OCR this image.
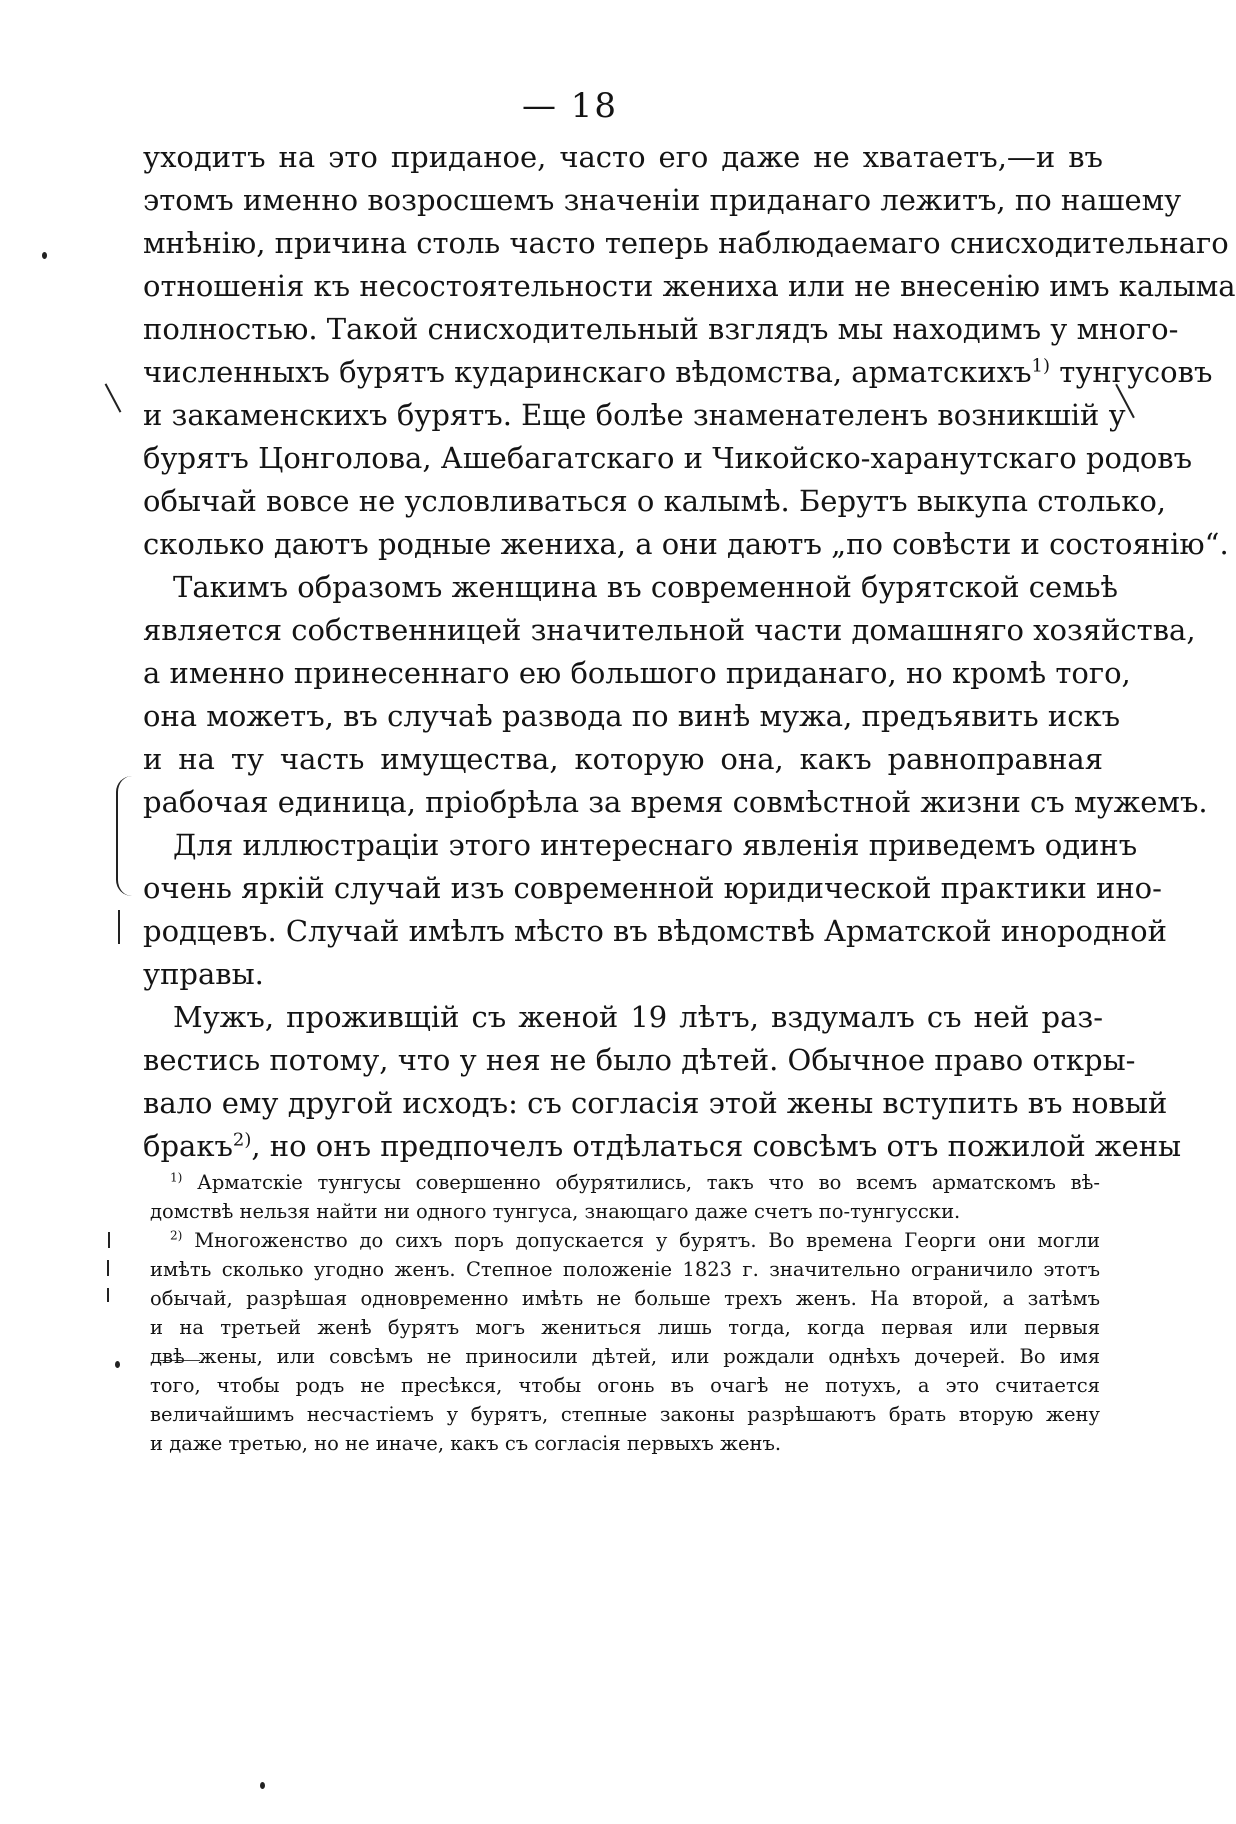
— 18
уходитъ на это приданое, часто его даже не хватаетъ,—и въ
этомъ именно возросшемъ значеніи приданаго лежитъ, по нашему
мнѣнію, причина столь часто теперь наблюдаемаго снисходительнаго
отношенія къ несостоятельности жениха или не внесенію имъ калыма
полностью. Такой снисходительный взглядъ мы находимъ у много-
численныхъ бурятъ кударинскаго вѣдомства, арматскихъ$^{1)}$ тунгусовъ
и закаменскихъ бурятъ. Еще болѣе знаменателенъ возникшій у
бурятъ Цонголова, Ашебагатскаго и Чикойско-харанутскаго родовъ
обычай вовсе не условливаться о калымѣ. Берутъ выкупа столько,
сколько даютъ родные жениха, а они даютъ „по совѣсти и состоянію“.
Такимъ образомъ женщина въ современной бурятской семьѣ
является собственницей значительной части домашняго хозяйства,
а именно принесеннаго ею большого приданаго, но кромѣ того,
она можетъ, въ случаѣ развода по винѣ мужа, предъявить искъ
и на ту часть имущества, которую она, какъ равноправная
рабочая единица, пріобрѣла за время совмѣстной жизни съ мужемъ.
Для иллюстраціи этого интереснаго явленія приведемъ одинъ
очень яркій случай изъ современной юридической практики ино-
родцевъ. Случай имѣлъ мѣсто въ вѣдомствѣ Арматской инородной
управы.
Мужъ, проживщій съ женой 19 лѣтъ, вздумалъ съ ней раз-
вестись потому, что у нея не было дѣтей. Обычное право откры-
вало ему другой исходъ: съ согласія этой жены вступить въ новый
бракъ$^{2)}$, но онъ предпочелъ отдѣлаться совсѣмъ отъ пожилой жены
$^{1)}$ Арматскіе тунгусы совершенно обурятились, такъ что во всемъ арматскомъ вѣ-
домствѣ нельзя найти ни одного тунгуса, знающаго даже счетъ по-тунгусски.
$^{2)}$ Многоженство до сихъ поръ допускается у бурятъ. Во времена Георги они могли
имѣть сколько угодно женъ. Степное положеніе 1823 г. значительно ограничило этотъ
обычай, разрѣшая одновременно имѣть не больше трехъ женъ. На второй, а затѣмъ
и на третьей женѣ бурятъ могъ жениться лишь тогда, когда первая или первыя
двѣ жены, или совсѣмъ не приносили дѣтей, или рождали однѣхъ дочерей. Во имя
того, чтобы родъ не пресѣкся, чтобы огонь въ очагѣ не потухъ, а это считается
величайшимъ несчастіемъ у бурятъ, степные законы разрѣшаютъ брать вторую жену
и даже третью, но не иначе, какъ съ согласія первыхъ женъ.
